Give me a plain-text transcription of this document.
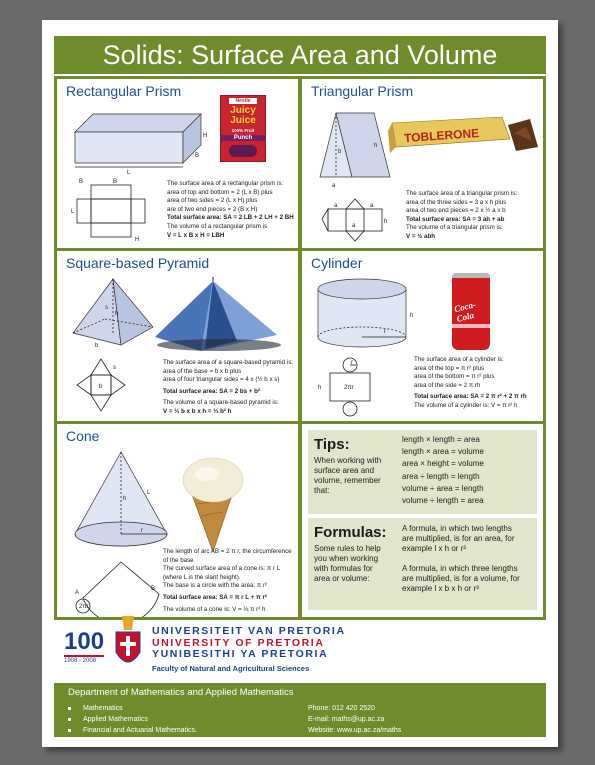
Solids: Surface Area and Volume
Rectangular Prism
L
H
B
Nestle
Juicy
Juice
100% Fruit
Punch
B	B
L
H
The surface area of a rectangular prism is:
area of top and bottom = 2 (L x B) plus
area of two sides = 2 (L x H) plus
are of two end pieces = 2 (B x H)
Total surface area: SA = 2 LB + 2 LH + 2 BH
The volume of a rectangular prism is
V = L x B x H = LBH
Triangular Prism
a
b
h
TOBLERONE
a
a
a
h
The surface area of a triangular prism is:
area of the three sides = 3 a x h plus
area of two end pieces = 2 x ½ a x b
Total surface area: SA = 3 ah + ab
The volume of a triangular prism is:
V = ½ abh
Square-based Pyramid
s
h
b
b
s
The surface area of a square-based pyramid is:
area of the base = b x b plus
area of four triangular sides = 4 x (½ b x s)
Total surface area: SA = 2 bs + b²
The volume of a square-based pyramid is:
V = ⅓ b x b x h = ⅓ b² h
Cylinder
r
h
Coca-Cola
r
h	2πr
The surface area of a cylinder is:
area of the top = π r² plus
area of the bottom = π r² plus
area of the side = 2 π rh
Total surface area: SA = 2 π r² + 2 π rh
The volume of a cylinder is: V = π r² h
Cone
h
L
r
A
B
2πr
The length of arc AB = 2 π r, the circumference
of the base
The curved surface area of a cone is: π r L
(where L is the slant height).
The base is a circle with the area: π r²
Total surface area: SA = π r L + π r²
The volume of a cone is: V = ⅓ π r² h
Tips:
When working with
surface area and
volume, remember
that:
length × length = area
length × area = volume
area × height = volume
area ÷ length = length
volume ÷ area = length
volume ÷ length = area
Formulas:
Some rules to help
you when working
with formulas for
area or volume:
A formula, in which two lengths
are multiplied, is for an area, for
example l x h or r²
A formula, in which three lengths
are multiplied, is for a volume, for
example l x b x h or r³
100
1908 - 2008
UNIVERSITEIT VAN PRETORIA
UNIVERSITY OF PRETORIA
YUNIBESITHI YA PRETORIA
Faculty of Natural and Agricultural Sciences
Department of Mathematics and Applied Mathematics
Mathematics
Applied Mathematics
Financial and Actuarial Mathematics.
Phone: 012 420 2520
E-mail: maths@up.ac.za
Website: www.up.ac.za/maths
